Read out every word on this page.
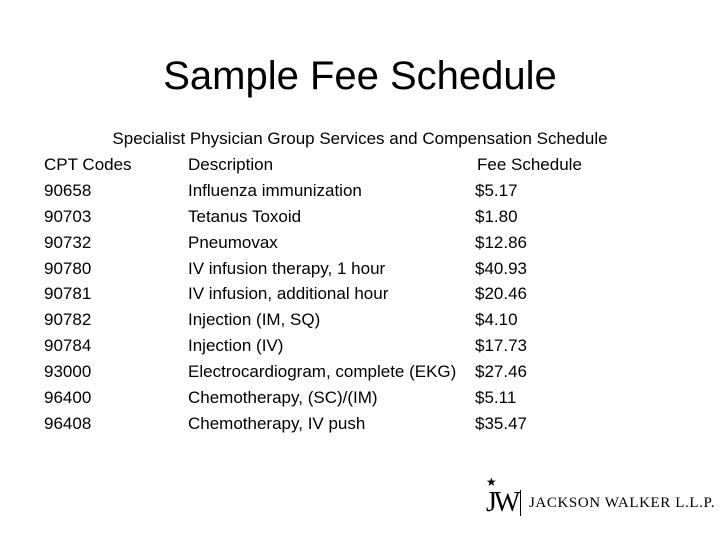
Sample Fee Schedule
Specialist Physician Group Services and Compensation Schedule
CPT Codes	Description	Fee Schedule
90658	Influenza immunization	$5.17
90703	Tetanus Toxoid	$1.80
90732	Pneumovax	$12.86
90780	IV infusion therapy, 1 hour	$40.93
90781	IV infusion, additional hour	$20.46
90782	Injection (IM, SQ)	$4.10
90784	Injection (IV)	$17.73
93000	Electrocardiogram, complete (EKG) $27.46
96400	Chemotherapy, (SC)/(IM)	$5.11
96408	Chemotherapy, IV push	$35.47
★
JW JACKSON WALKER L.L.P.
